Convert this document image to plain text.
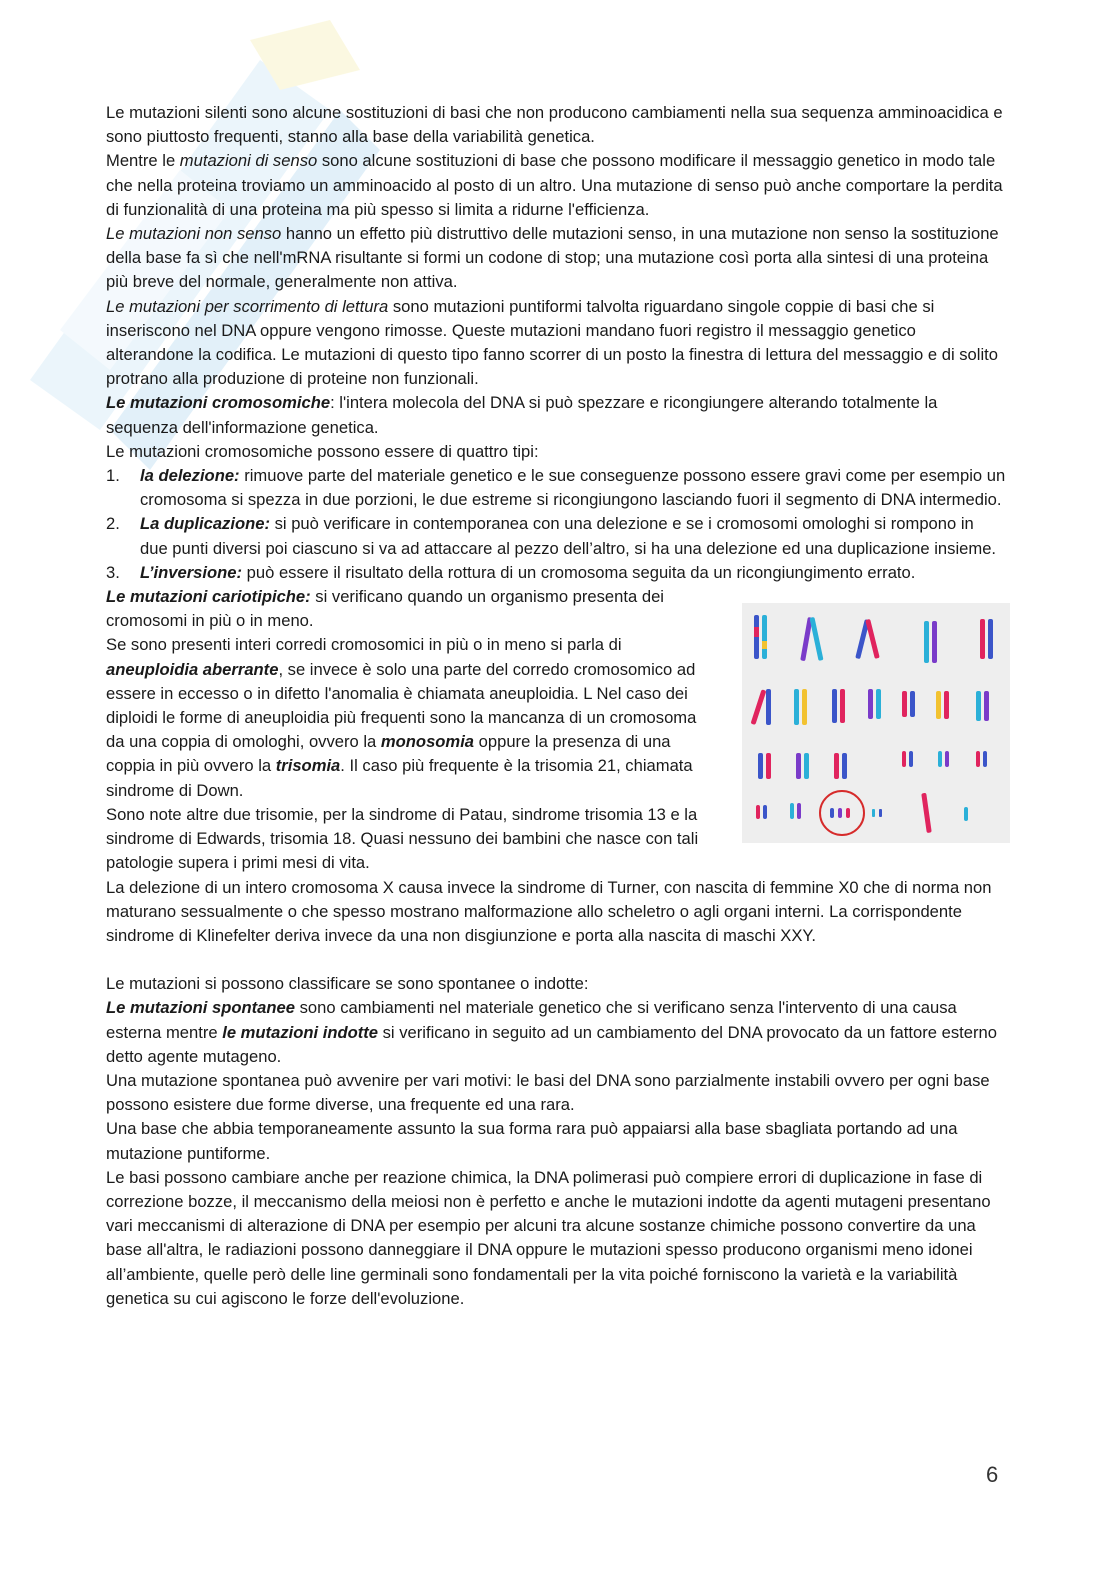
Le mutazioni silenti sono alcune sostituzioni di basi che non producono cambiamenti nella sua sequenza amminoacidica e sono piuttosto frequenti, stanno alla base della variabilità genetica.

Mentre le mutazioni di senso sono alcune sostituzioni di base che possono modificare il messaggio genetico in modo tale che nella proteina troviamo un amminoacido al posto di un altro. Una mutazione di senso può anche comportare la perdita di funzionalità di una proteina ma più spesso si limita a ridurne l'efficienza.

Le mutazioni non senso hanno un effetto più distruttivo delle mutazioni senso, in una mutazione non senso la sostituzione della base fa sì che nell'mRNA risultante si formi un codone di stop; una mutazione così porta alla sintesi di una proteina più breve del normale, generalmente non attiva.

Le mutazioni per scorrimento di lettura sono mutazioni puntiformi talvolta riguardano singole coppie di basi che si inseriscono nel DNA oppure vengono rimosse. Queste mutazioni mandano fuori registro il messaggio genetico alterandone la codifica. Le mutazioni di questo tipo fanno scorrer di un posto la finestra di lettura del messaggio e di solito protrano alla produzione di proteine non funzionali.

Le mutazioni cromosomiche: l'intera molecola del DNA si può spezzare e ricongiungere alterando totalmente la sequenza dell'informazione genetica.

Le mutazioni cromosomiche possono essere di quattro tipi:

1. la delezione: rimuove parte del materiale genetico e le sue conseguenze possono essere gravi come per esempio un cromosoma si spezza in due porzioni, le due estreme si ricongiungono lasciando fuori il segmento di DNA intermedio.
2. La duplicazione: si può verificare in contemporanea con una delezione e se i cromosomi omologhi si rompono in due punti diversi poi ciascuno si va ad attaccare al pezzo dell’altro, si ha una delezione ed una duplicazione insieme.
3. L’inversione: può essere il risultato della rottura di un cromosoma seguita da un ricongiungimento errato.

Le mutazioni cariotipiche: si verificano quando un organismo presenta dei cromosomi in più o in meno.

Se sono presenti interi corredi cromosomici in più o in meno si parla di aneuploidia aberrante, se invece è solo una parte del corredo cromosomico ad essere in eccesso o in difetto l'anomalia è chiamata aneuploidia. L Nel caso dei diploidi le forme di aneuploidia più frequenti sono la mancanza di un cromosoma da una coppia di omologhi, ovvero la monosomia oppure la presenza di una coppia in più ovvero la trisomia. Il caso più frequente è la trisomia 21, chiamata sindrome di Down.

Sono note altre due trisomie, per la sindrome di Patau, sindrome trisomia 13 e la sindrome di Edwards, trisomia 18. Quasi nessuno dei bambini che nasce con tali patologie supera i primi mesi di vita.

La delezione di un intero cromosoma X causa invece la sindrome di Turner, con nascita di femmine X0 che di norma non maturano sessualmente o che spesso mostrano malformazione allo scheletro o agli organi interni. La corrispondente sindrome di Klinefelter deriva invece da una non disgiunzione e porta alla nascita di maschi XXY.

Le mutazioni si possono classificare se sono spontanee o indotte:

Le mutazioni spontanee sono cambiamenti nel materiale genetico che si verificano senza l'intervento di una causa esterna mentre le mutazioni indotte si verificano in seguito ad un cambiamento del DNA provocato da un fattore esterno detto agente mutageno.

Una mutazione spontanea può avvenire per vari motivi: le basi del DNA sono parzialmente instabili ovvero per ogni base possono esistere due forme diverse, una frequente ed una rara.

Una base che abbia temporaneamente assunto la sua forma rara può appaiarsi alla base sbagliata portando ad una mutazione puntiforme.

Le basi possono cambiare anche per reazione chimica, la DNA polimerasi può compiere errori di duplicazione in fase di correzione bozze, il meccanismo della meiosi non è perfetto e anche le mutazioni indotte da agenti mutageni presentano vari meccanismi di alterazione di DNA per esempio per alcuni tra alcune sostanze chimiche possono convertire da una base all'altra, le radiazioni possono danneggiare il DNA oppure le mutazioni spesso producono organismi meno idonei all’ambiente, quelle però delle line germinali sono fondamentali per la vita poiché forniscono la varietà e la variabilità genetica su cui agiscono le forze dell'evoluzione.

6
